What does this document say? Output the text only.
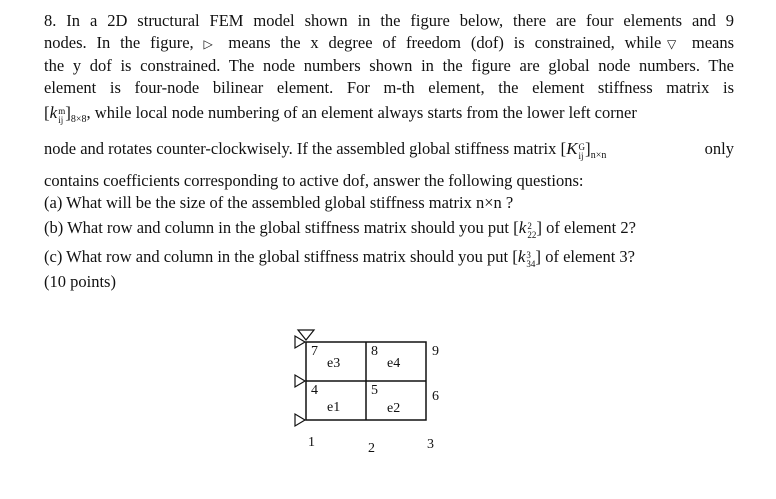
8. In a 2D structural FEM model shown in the figure below, there are four elements and 9
nodes. In the figure, ▷ means the x degree of freedom (dof) is constrained, while▽ means
the y dof is constrained. The node numbers shown in the figure are global node numbers. The
element is four-node bilinear element. For m-th element, the element stiffness matrix is
[k m
ij ]$_{8\times 8}$, while local node numbering of an element always starts from the lower left corner
node and rotates counter-clockwisely. If the assembled global stiffness matrix [K G
ij ]$_{n\times n}$	only
contains coefficients corresponding to active dof, answer the following questions:
(a) What will be the size of the assembled global stiffness matrix n×n ?
(b) What row and column in the global stiffness matrix should you put [k 2
22 ] of element 2?
(c) What row and column in the global stiffness matrix should you put [k 3
34 ] of element 3?
(10 points)
1	2	3
4	5	6
7	8	9
e1	e2
e3	e4
